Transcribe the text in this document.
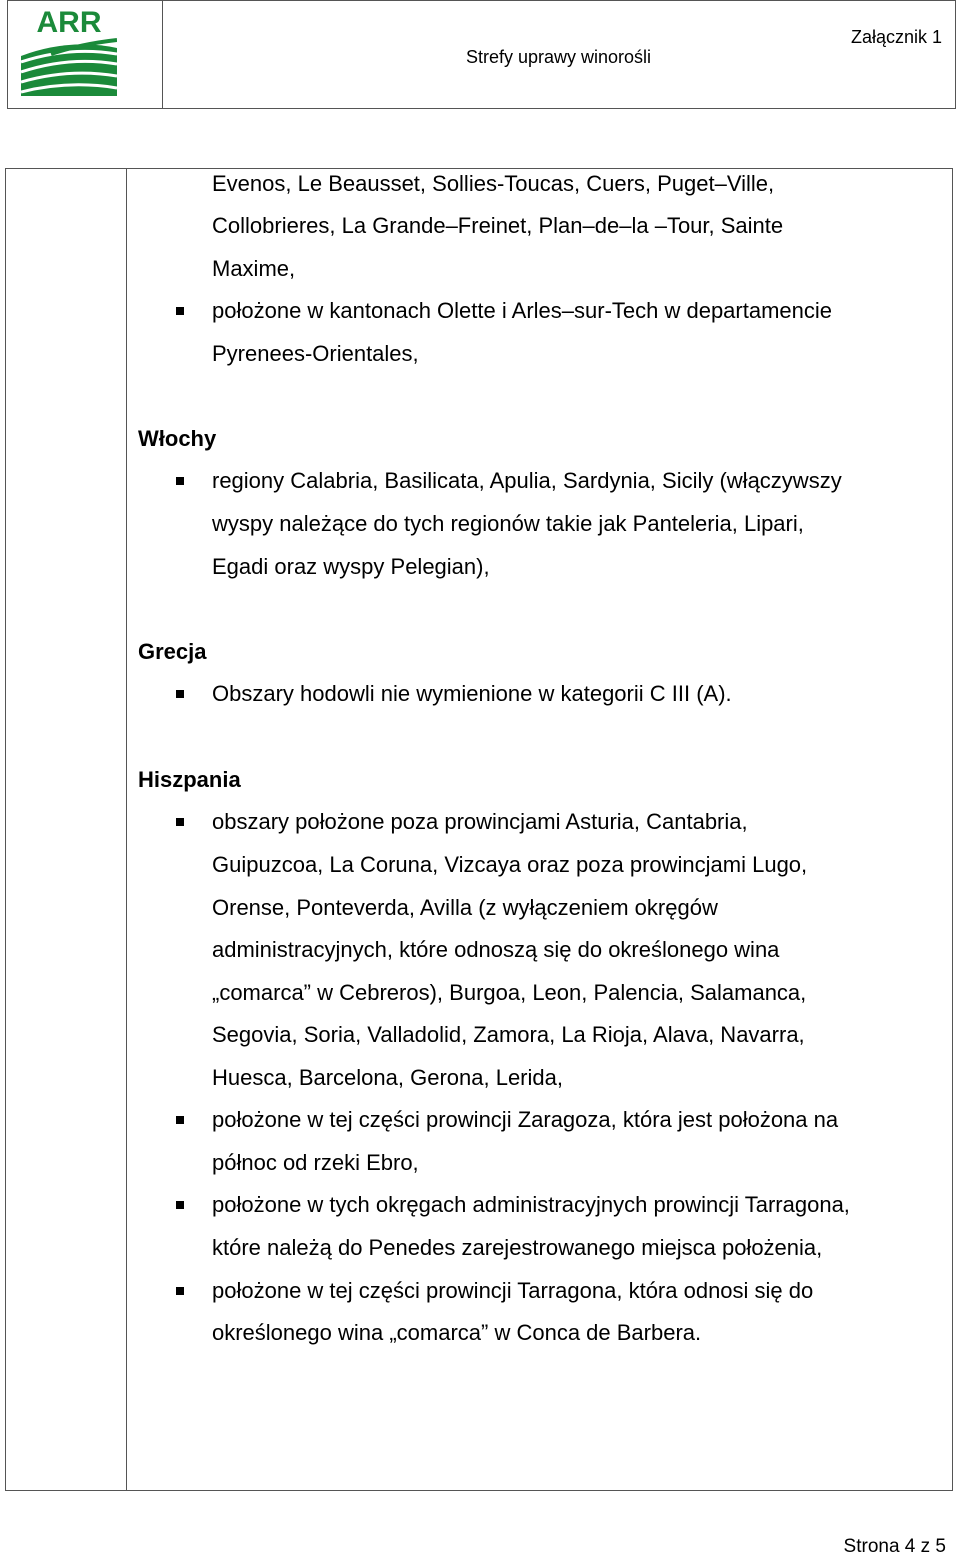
ARR	Załącznik 1
Strefy uprawy winorośli
Evenos, Le Beausset, Sollies-Toucas, Cuers, Puget–Ville,
Collobrieres, La Grande–Freinet, Plan–de–la –Tour, Sainte
Maxime,
położone w kantonach Olette i Arles–sur-Tech w departamencie
Pyrenees-Orientales,
Włochy
regiony Calabria, Basilicata, Apulia, Sardynia, Sicily (włączywszy
wyspy należące do tych regionów takie jak Panteleria, Lipari,
Egadi oraz wyspy Pelegian),
Grecja
Obszary hodowli nie wymienione w kategorii C III (A).
Hiszpania
obszary położone poza prowincjami Asturia, Cantabria,
Guipuzcoa, La Coruna, Vizcaya oraz poza prowincjami Lugo,
Orense, Ponteverda, Avilla (z wyłączeniem okręgów
administracyjnych, które odnoszą się do określonego wina
„comarca” w Cebreros), Burgoa, Leon, Palencia, Salamanca,
Segovia, Soria, Valladolid, Zamora, La Rioja, Alava, Navarra,
Huesca, Barcelona, Gerona, Lerida,
położone w tej części prowincji Zaragoza, która jest położona na
północ od rzeki Ebro,
położone w tych okręgach administracyjnych prowincji Tarragona,
które należą do Penedes zarejestrowanego miejsca położenia,
położone w tej części prowincji Tarragona, która odnosi się do
określonego wina „comarca” w Conca de Barbera.
Strona 4 z 5
